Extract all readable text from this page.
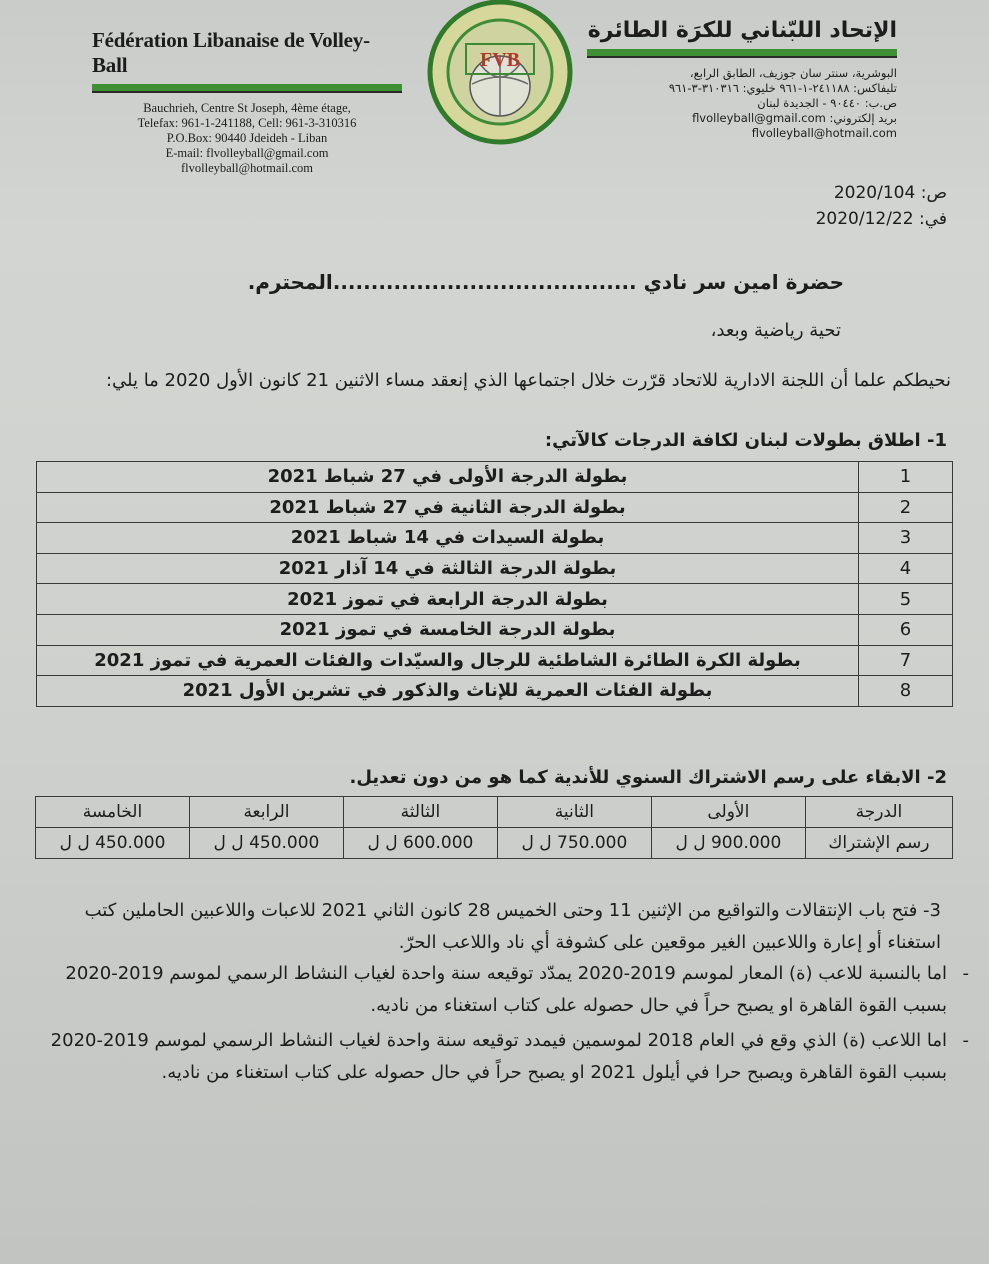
Fédération Libanaise de Volley-Ball
Bauchrieh, Centre St Joseph, 4ème étage,
Telefax: 961-1-241188, Cell: 961-3-310316
P.O.Box: 90440 Jdeideh - Liban
E-mail: flvolleyball@gmail.com
flvolleyball@hotmail.com
FVB
الإتحاد اللبّناني للكرَة الطائرة
البوشرية، سنتر سان جوزيف، الطابق الرابع،
تليفاكس: ٢٤١١٨٨-١-٩٦١ خليوي: ٣١٠٣١٦-٣-٩٦١
ص.ب: ٩٠٤٤٠ - الجديدة لبنان
بريد إلكتروني: flvolleyball@gmail.com
flvolleyball@hotmail.com
ص: 2020/104
في: 2020/12/22
حضرة امين سر نادي ........................................المحترم.
تحية رياضية وبعد،
نحيطكم علما أن اللجنة الادارية للاتحاد قرّرت خلال اجتماعها الذي إنعقد مساء الاثنين 21 كانون الأول 2020 ما يلي:
1- اطلاق بطولات لبنان لكافة الدرجات كالآتي:
1	بطولة الدرجة الأولى في 27 شباط 2021
2	بطولة الدرجة الثانية في 27 شباط 2021
3	بطولة السيدات في 14 شباط 2021
4	بطولة الدرجة الثالثة في 14 آذار 2021
5	بطولة الدرجة الرابعة في تموز 2021
6	بطولة الدرجة الخامسة في تموز 2021
7	بطولة الكرة الطائرة الشاطئية للرجال والسيّدات والفئات العمرية في تموز 2021
8	بطولة الفئات العمرية للإناث والذكور في تشرين الأول 2021
2- الابقاء على رسم الاشتراك السنوي للأندية كما هو من دون تعديل.
الدرجة	الأولى	الثانية	الثالثة	الرابعة	الخامسة
رسم الإشتراك	900.000 ل ل	750.000 ل ل	600.000 ل ل	450.000 ل ل	450.000 ل ل
3- فتح باب الإنتقالات والتواقيع من الإثنين 11 وحتى الخميس 28 كانون الثاني 2021 للاعبات واللاعبين الحاملين كتب استغناء أو إعارة واللاعبين الغير موقعين على كشوفة أي ناد واللاعب الحرّ.
-
اما بالنسبة للاعب (ة) المعار لموسم 2019-2020 يمدّد توقيعه سنة واحدة لغياب النشاط الرسمي لموسم 2019-2020 بسبب القوة القاهرة او يصبح حراً في حال حصوله على كتاب استغناء من ناديه.
-
اما اللاعب (ة) الذي وقع في العام 2018 لموسمين فيمدد توقيعه سنة واحدة لغياب النشاط الرسمي لموسم 2019-2020 بسبب القوة القاهرة ويصبح حرا في أيلول 2021 او يصبح حراً في حال حصوله على كتاب استغناء من ناديه.
